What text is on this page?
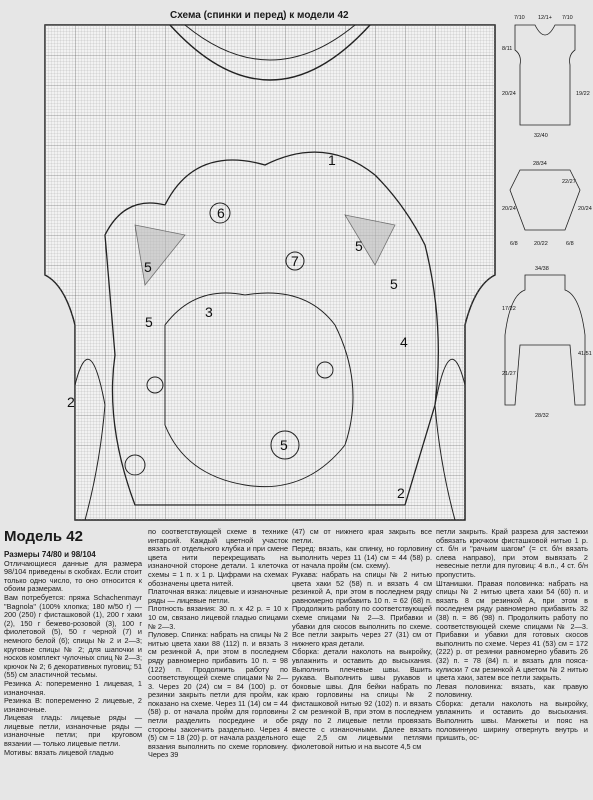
Схема (спинки и перед) к модели 42
1
2
2
3
4
5
5
5
5
5
6
7
7/10 12/1+ 7/10
32/40
8/11
20/24	19/22
28/34
20/24
20/22
6/8	6/8
20/24
22/27
34/38
17/22
21/27
41/51
28/32
Модель 42

Размеры 74/80 и 98/104

Отличающиеся данные для размера 98/104 приведены в скобках. Если стоит только одно число, то оно относится к обоим размерам.

Вам потребуется: пряжа Schachenmayr "Bagnola" (100% хлопка; 180 м/50 г) — 200 (250) г фисташковой (1), 200 г хаки (2), 150 г бежево-розовой (3), 100 г фиолетовой (5), 50 г черной (7) и немного белой (6); спицы № 2 и 2—3; круговые спицы № 2; для шапочки и носков комплект чулочных спиц № 2—3; крючок № 2; 6 декоративных пуговиц; 51 (55) см эластичной тесьмы.

Резинка А: попеременно 1 лицевая, 1 изнаночная.

Резинка В: попеременно 2 лицевые, 2 изнаночные.

Лицевая гладь: лицевые ряды — лицевые петли, изнаночные ряды — изнаночные петли; при круговом вязании — только лицевые петли.

Мотивы: вязать лицевой гладью

по соответствующей схеме в технике интарсий. Каждый цветной участок вязать от отдельного клубка и при смене цвета нити перекрещивать на изнаночной стороне детали. 1 клеточка схемы = 1 п. x 1 р. Цифрами на схемах обозначены цвета нитей.

Платочная вязка: лицевые и изнаночные ряды — лицевые петли.

Плотность вязания: 30 п. x 42 р. = 10 x 10 см, связано лицевой гладью спицами № 2—3.

Пуловер. Спинка: набрать на спицы № 2 нитью цвета хаки 88 (112) п. и вязать 3 см резинкой А, при этом в последнем ряду равномерно прибавить 10 п. = 98 (122) п. Продолжить работу по соответствующей схеме спицами № 2—3. Через 20 (24) см = 84 (100) р. от резинки закрыть петли для пройм, как показано на схеме. Через 11 (14) см = 44 (58) р. от начала пройм для горловины петли разделить посредине и обе стороны закончить раздельно. Через 4 (5) см = 18 (20) р. от начала раздельного вязания выполнить по схеме горловину. Через 39

(47) см от нижнего края закрыть все петли.

Перед: вязать, как спинку, но горловину выполнить через 11 (14) см = 44 (58) р. от начала пройм (см. схему).

Рукава: набрать на спицы № 2 нитью цвета хаки 52 (58) п. и вязать 4 см резинкой А, при этом в последнем ряду равномерно прибавить 10 п. = 62 (68) п. Продолжить работу по соответствующей схеме спицами № 2—3. Прибавки и убавки для скосов выполнить по схеме. Все петли закрыть через 27 (31) см от нижнего края детали.

Сборка: детали наколоть на выкройку, увлажнить и оставить до высыхания. Выполнить плечевые швы. Вшить рукава. Выполнить швы рукавов и боковые швы. Для бейки набрать по краю горловины на спицы № 2 фисташковой нитью 92 (102) п. и вязать 2 см резинкой В, при этом в последнем ряду по 2 лицевые петли провязать вместе с изнаночными. Далее вязать еще 2,5 см лицевыми петлями фиолетовой нитью и на высоте 4,5 см

петли закрыть. Край разреза для застежки обвязать крючком фисташковой нитью 1 р. ст. б/н и "рачьим шагом" (= ст. б/н вязать слева направо), при этом вывязать 2 невесные петли для пуговиц: 4 в.п., 4 ст. б/н пропустить.

Штанишки. Правая половинка: набрать на спицы № 2 нитью цвета хаки 54 (60) п. и вязать 8 см резинкой А, при этом в последнем ряду равномерно прибавить 32 (38) п. = 86 (98) п. Продолжить работу по соответствующей схеме спицами № 2—3. Прибавки и убавки для готовых скосов выполнить по схеме. Через 41 (53) см = 172 (222) р. от резинки равномерно убавить 26 (32) п. = 78 (84) п. и вязать для пояса-кулиски 7 см резинкой А цветом № 2 нитью цвета хаки, затем все петли закрыть.

Левая половинка: вязать, как правую половинку.

Сборка: детали наколоть на выкройку, увлажнить и оставить до высыхания. Выполнить швы. Манжеты и пояс на половинную ширину отвернуть внутрь и пришить, ос-
